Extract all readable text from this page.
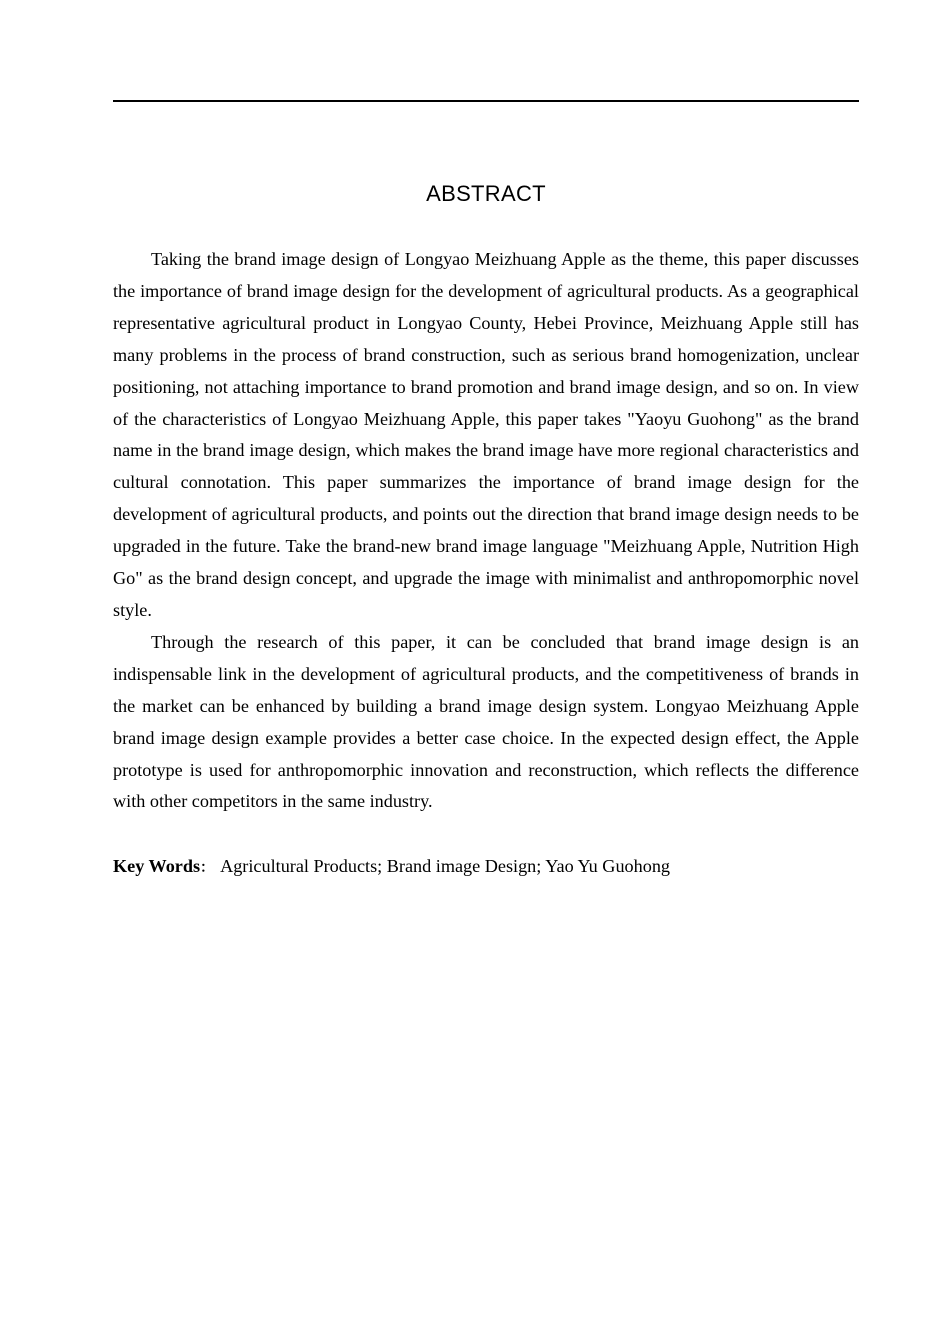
ABSTRACT

Taking the brand image design of Longyao Meizhuang Apple as the theme, this paper discusses the importance of brand image design for the development of agricultural products. As a geographical representative agricultural product in Longyao County, Hebei Province, Meizhuang Apple still has many problems in the process of brand construction, such as serious brand homogenization, unclear positioning, not attaching importance to brand promotion and brand image design, and so on. In view of the characteristics of Longyao Meizhuang Apple, this paper takes "Yaoyu Guohong" as the brand name in the brand image design, which makes the brand image have more regional characteristics and cultural connotation. This paper summarizes the importance of brand image design for the development of agricultural products, and points out the direction that brand image design needs to be upgraded in the future. Take the brand-new brand image language "Meizhuang Apple, Nutrition High Go" as the brand design concept, and upgrade the image with minimalist and anthropomorphic novel style.

Through the research of this paper, it can be concluded that brand image design is an indispensable link in the development of agricultural products, and the competitiveness of brands in the market can be enhanced by building a brand image design system. Longyao Meizhuang Apple brand image design example provides a better case choice. In the expected design effect, the Apple prototype is used for anthropomorphic innovation and reconstruction, which reflects the difference with other competitors in the same industry.

Key Words： Agricultural Products; Brand image Design; Yao Yu Guohong
